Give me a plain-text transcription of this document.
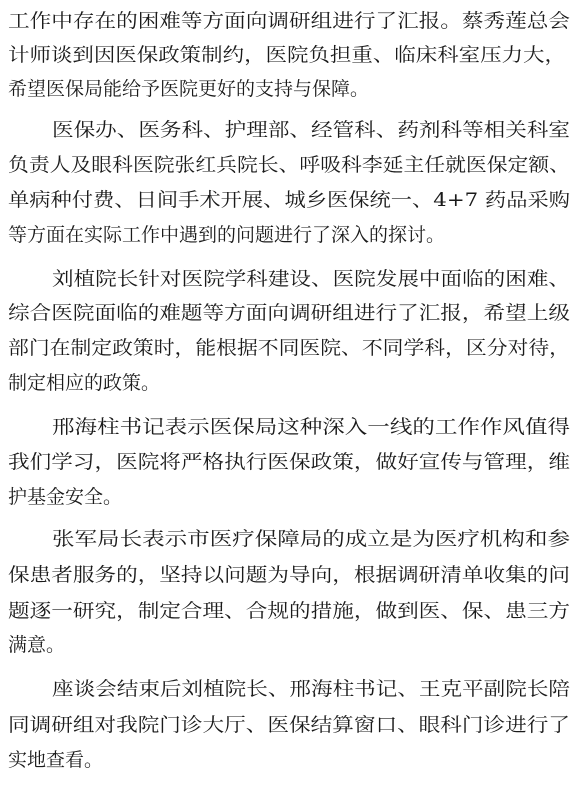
工作中存在的困难等方面向调研组进行了汇报。蔡秀莲总会
计师谈到因医保政策制约，医院负担重、临床科室压力大，
希望医保局能给予医院更好的支持与保障。
医保办、医务科、护理部、经管科、药剂科等相关科室
负责人及眼科医院张红兵院长、呼吸科李延主任就医保定额、
单病种付费、日间手术开展、城乡医保统一、4+7 药品采购
等方面在实际工作中遇到的问题进行了深入的探讨。
刘植院长针对医院学科建设、医院发展中面临的困难、
综合医院面临的难题等方面向调研组进行了汇报，希望上级
部门在制定政策时，能根据不同医院、不同学科，区分对待，
制定相应的政策。
邢海柱书记表示医保局这种深入一线的工作作风值得
我们学习，医院将严格执行医保政策，做好宣传与管理，维
护基金安全。
张军局长表示市医疗保障局的成立是为医疗机构和参
保患者服务的，坚持以问题为导向，根据调研清单收集的问
题逐一研究，制定合理、合规的措施，做到医、保、患三方
满意。
座谈会结束后刘植院长、邢海柱书记、王克平副院长陪
同调研组对我院门诊大厅、医保结算窗口、眼科门诊进行了
实地查看。
